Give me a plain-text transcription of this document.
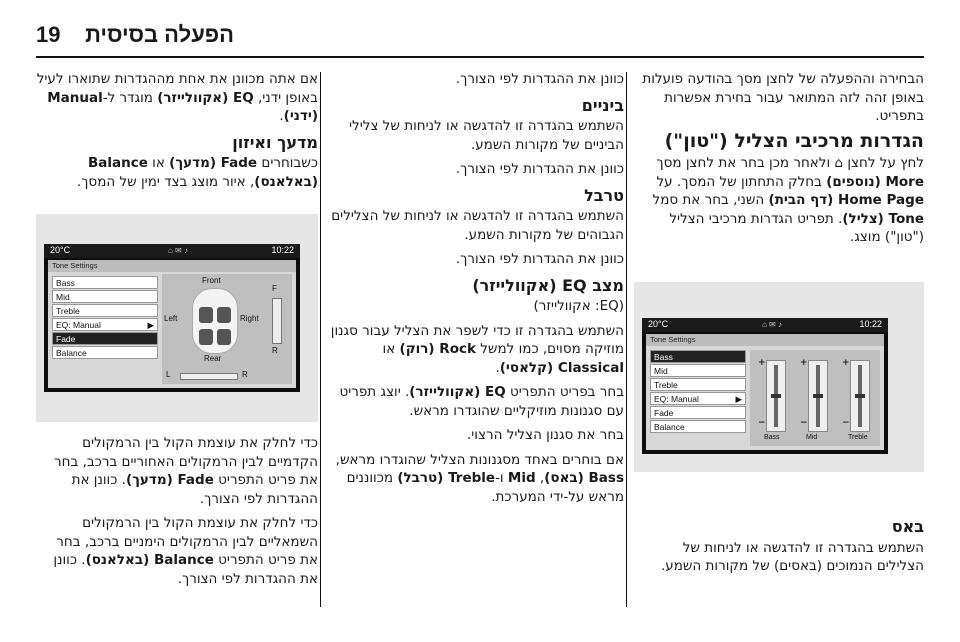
19 הפעלה בסיסית

הבחירה וההפעלה של לחצן מסך בהודעה פועלות באופן זהה לזה המתואר עבור בחירת אפשרות בתפריט.

הגדרות מרכיבי הצליל ("טון")

לחץ על לחצן ⌂ ולאחר מכן בחר את לחצן מסך More (נוספים) בחלק התחתון של המסך. על Home Page (דף הבית) השני, בחר את סמל Tone (צליל). תפריט הגדרות מרכיבי הצליל ("טון") מוצג.

באס

השתמש בהגדרה זו להדגשה או לניחות של הצלילים הנמוכים (באסים) של מקורות השמע.

20°C	⌂ ✉ ♪	10:22
Tone Settings
Bass
Mid
Treble
EQ: Manual	▶
Fade
Balance
+
−
Bass
+
−
Mid
+
−
Treble

כוונן את ההגדרות לפי הצורך.

ביניים

השתמש בהגדרה זו להדגשה או לניחות של צלילי הביניים של מקורות השמע.

כוונן את ההגדרות לפי הצורך.

טרבל

השתמש בהגדרה זו להדגשה או לניחות של הצלילים הגבוהים של מקורות השמע.

כוונן את ההגדרות לפי הצורך.

מצב EQ (אקוולייזר)

(EQ: אקוולייזר)

השתמש בהגדרה זו כדי לשפר את הצליל עבור סגנון מוזיקה מסוים, כמו למשל Rock (רוק) או Classical (קלאסי).

בחר בפריט התפריט EQ (אקוולייזר). יוצג תפריט עם סגנונות מוזיקליים שהוגדרו מראש.

בחר את סגנון הצליל הרצוי.

אם בוחרים באחד מסגנונות הצליל שהוגדרו מראש, Bass (באס), Mid ו-Treble (טרבל) מכווננים מראש על-ידי המערכת.

אם אתה מכוונן את אחת מההגדרות שתוארו לעיל באופן ידני, EQ (אקוולייזר) מוגדר ל-Manual (ידני).

מדעך ואיזון

כשבוחרים Fade (מדעך) או Balance (באלאנס), איור מוצג בצד ימין של המסך.

כדי לחלק את עוצמת הקול בין הרמקולים הקדמיים לבין הרמקולים האחוריים ברכב, בחר את פריט התפריט Fade (מדעך). כוונן את ההגדרות לפי הצורך.

כדי לחלק את עוצמת הקול בין הרמקולים השמאליים לבין הרמקולים הימניים ברכב, בחר את פריט התפריט Balance (באלאנס). כוונן את ההגדרות לפי הצורך.

20°C	⌂ ✉ ♪	10:22
Tone Settings
Bass
Mid
Treble
EQ: Manual	▶
Fade
Balance
Front
Left	Right
Rear
F
R
L	R
